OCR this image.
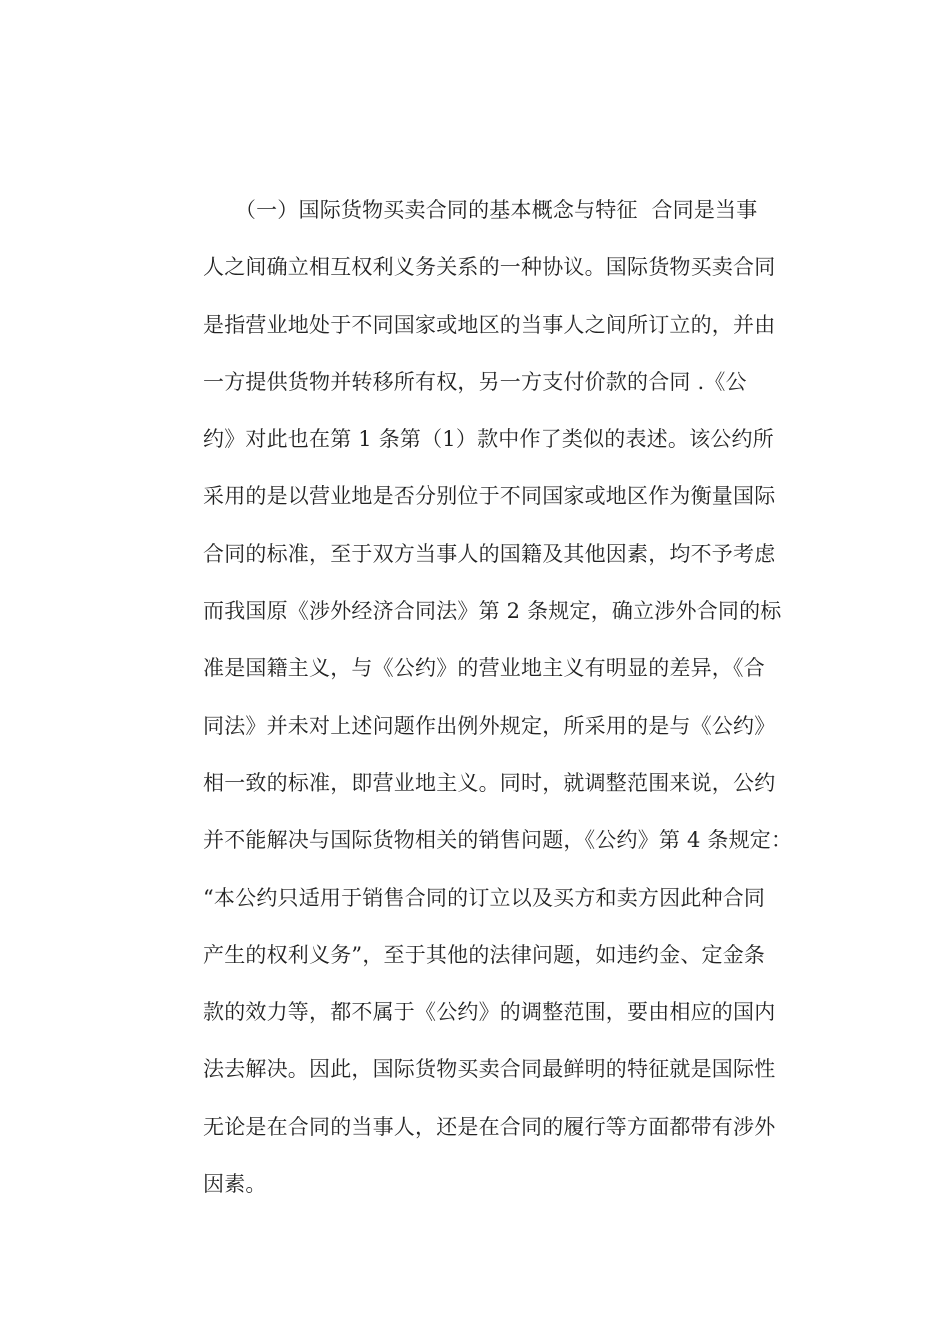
　　（一）国际货物买卖合同的基本概念与特征  合同是当事
人之间确立相互权利义务关系的一种协议。国际货物买卖合同
是指营业地处于不同国家或地区的当事人之间所订立的，并由
一方提供货物并转移所有权，另一方支付价款的合同 .《公
约》对此也在第 1 条第（1）款中作了类似的表述。该公约所
采用的是以营业地是否分别位于不同国家或地区作为衡量国际
合同的标准，至于双方当事人的国籍及其他因素，均不予考虑
而我国原《涉外经济合同法》第 2 条规定，确立涉外合同的标
准是国籍主义，与《公约》的营业地主义有明显的差异，《合
同法》并未对上述问题作出例外规定，所采用的是与《公约》
相一致的标准，即营业地主义。同时，就调整范围来说，公约
并不能解决与国际货物相关的销售问题，《公约》第 4 条规定：
“本公约只适用于销售合同的订立以及买方和卖方因此种合同
产生的权利义务”，至于其他的法律问题，如违约金、定金条
款的效力等，都不属于《公约》的调整范围，要由相应的国内
法去解决。因此，国际货物买卖合同最鲜明的特征就是国际性
无论是在合同的当事人，还是在合同的履行等方面都带有涉外
因素。
